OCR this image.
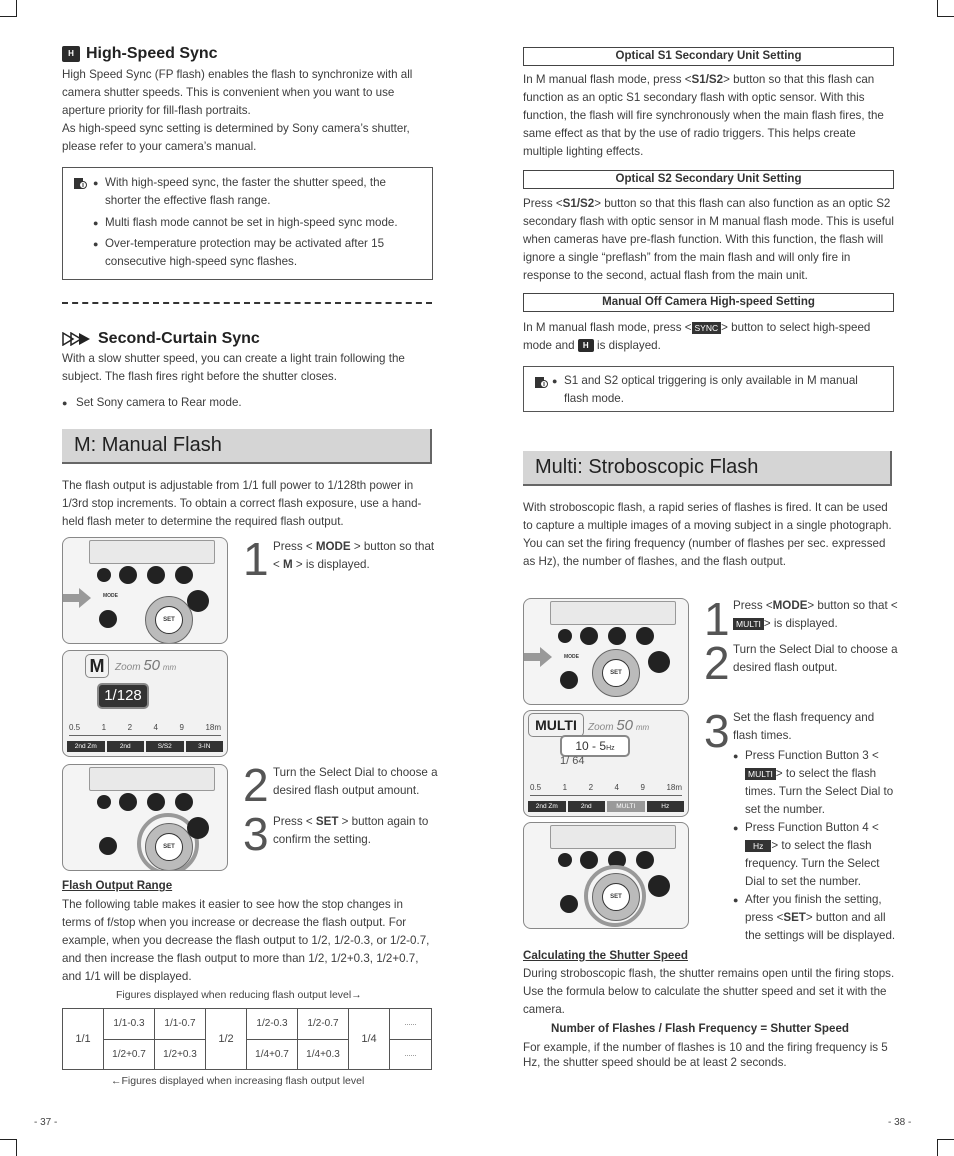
H High-Speed Sync

High Speed Sync (FP flash) enables the flash to synchronize with all camera shutter speeds. This is convenient when you want to use aperture priority for fill-flash portraits.

As high-speed sync setting is determined by Sony camera’s shutter, please refer to your camera’s manual.

● With high-speed sync, the faster the shutter speed, the shorter the effective flash range.
● Multi flash mode cannot be set in high-speed sync mode.
● Over-temperature protection may be activated after 15 consecutive high-speed sync flashes.
Second-Curtain Sync

With a slow shutter speed, you can create a light train following the subject. The flash fires right before the shutter closes.

● Set Sony camera to Rear mode.
M: Manual Flash

The flash output is adjustable from 1/1 full power to 1/128th power in 1/3rd stop increments. To obtain a correct flash exposure, use a hand-held flash meter to determine the required flash output.

MODE
SET
M	Zoom 50 mm
1/128
0.5	1	2	4	9	18m
2nd Zm	2nd	S/S2	3-IN
SET
1 Press < MODE > button so that < M > is displayed.
2 Turn the Select Dial to choose a desired flash output amount.
3 Press < SET > button again to confirm the setting.
Flash Output Range

The following table makes it easier to see how the stop changes in terms of f/stop when you increase or decrease the flash output. For example, when you decrease the flash output to 1/2, 1/2-0.3, or 1/2-0.7, and then increase the flash output to more than 1/2, 1/2+0.3, 1/2+0.7, and 1/1 will be displayed.

Figures displayed when reducing flash output level→
1/1	1/1-0.3	1/1-0.7	1/2	1/2-0.3	1/2-0.7	1/4	......
	1/2+0.7	1/2+0.3		1/4+0.7	1/4+0.3		......
←Figures displayed when increasing flash output level
- 37 -
Optical S1 Secondary Unit Setting

In M manual flash mode, press <S1/S2> button so that this flash can function as an optic S1 secondary flash with optic sensor. With this function, the flash will fire synchronously when the main flash fires, the same effect as that by the use of radio triggers. This helps create multiple lighting effects.

Optical S2 Secondary Unit Setting

Press <S1/S2> button so that this flash can also function as an optic S2 secondary flash with optic sensor in M manual flash mode. This is useful when cameras have pre-flash function. With this function, the flash will ignore a single “preflash” from the main flash and will only fire in response to the second, actual flash from the main unit.

Manual Off Camera High-speed Setting

In M manual flash mode, press < SYNC > button to select high-speed mode and H is displayed.

● S1 and S2 optical triggering is only available in M manual flash mode.
Multi: Stroboscopic Flash

With stroboscopic flash, a rapid series of flashes is fired. It can be used to capture a multiple images of a moving subject in a single photograph.

You can set the firing frequency (number of flashes per sec. expressed as Hz), the number of flashes, and the flash output.

MODE
SET
MULTI	Zoom 50 mm
10 - 5Hz
1/ 64
0.5	1	2	4	9	18m
2nd Zm	2nd	MULTI	Hz
SET
1 Press <MODE> button so that <MULTI > is displayed.
2 Turn the Select Dial to choose a desired flash output.
3 Set the flash frequency and flash times.
● Press Function Button 3 <MULTI > to select the flash times. Turn the Select Dial to set the number.
● Press Function Button 4 <Hz > to select the flash frequency. Turn the Select Dial to set the number.
● After you finish the setting, press <SET> button and all the settings will be displayed.
Calculating the Shutter Speed

During stroboscopic flash, the shutter remains open until the firing stops. Use the formula below to calculate the shutter speed and set it with the camera.

Number of Flashes / Flash Frequency = Shutter Speed

For example, if the number of flashes is 10 and the firing frequency is 5 Hz, the shutter speed should be at least 2 seconds.

- 38 -
